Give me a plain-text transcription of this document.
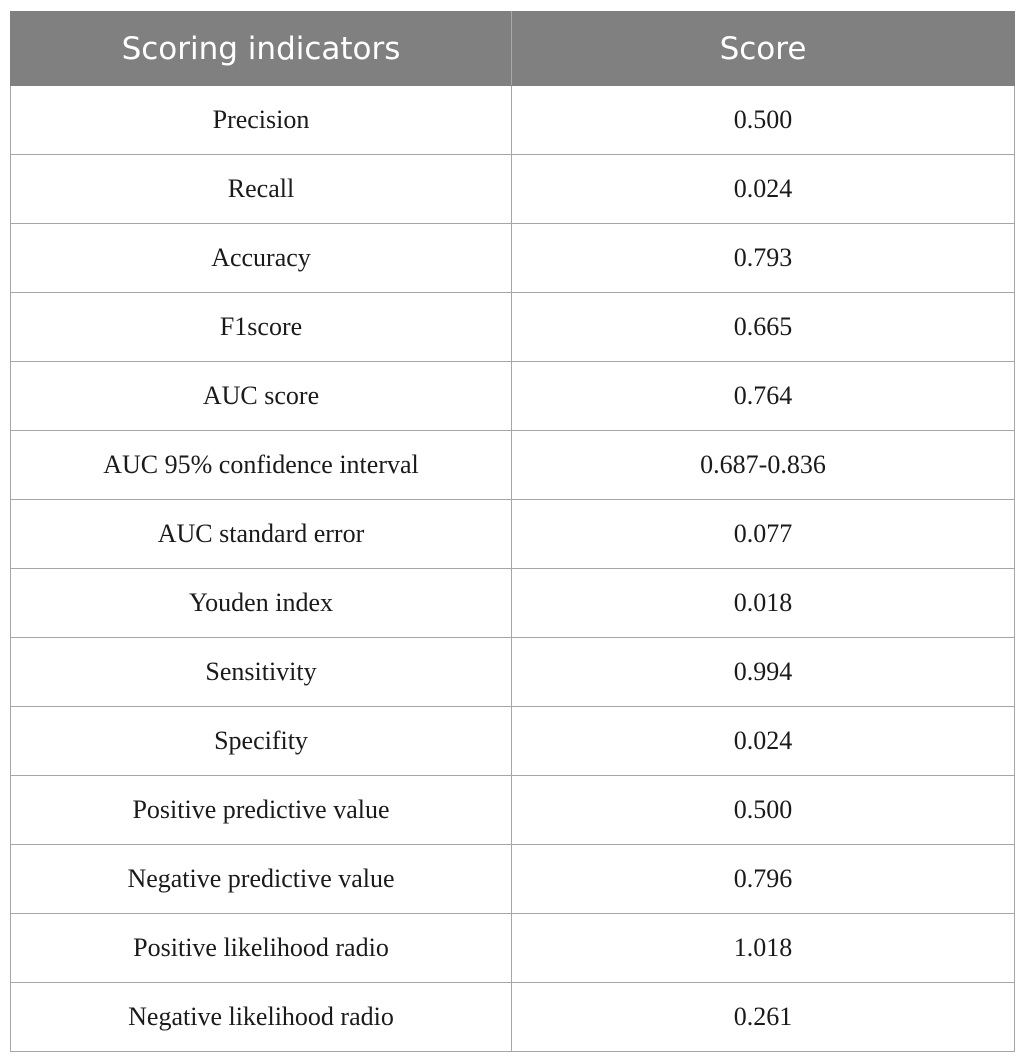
Scoring indicators	Score
Precision	0.500
Recall	0.024
Accuracy	0.793
F1score	0.665
AUC score	0.764
AUC 95% confidence interval	0.687-0.836
AUC standard error	0.077
Youden index	0.018
Sensitivity	0.994
Specifity	0.024
Positive predictive value	0.500
Negative predictive value	0.796
Positive likelihood radio	1.018
Negative likelihood radio	0.261
